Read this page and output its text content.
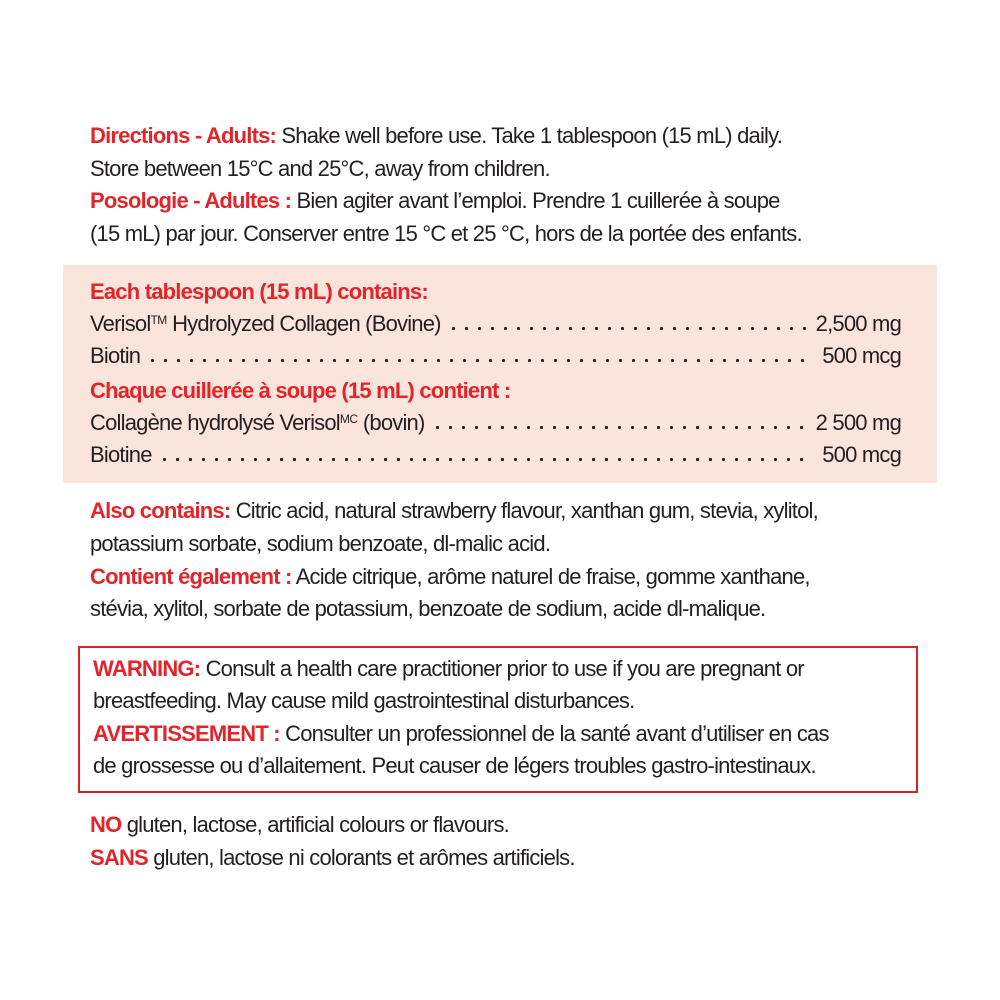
Directions - Adults: Shake well before use. Take 1 tablespoon (15 mL) daily.
Store between 15°C and 25°C, away from children.
Posologie - Adultes : Bien agiter avant l’emploi. Prendre 1 cuillerée à soupe
(15 mL) par jour. Conserver entre 15 °C et 25 °C, hors de la portée des enfants.
Each tablespoon (15 mL) contains:
Verisol™ Hydrolyzed Collagen (Bovine)	2,500 mg
Biotin	500 mcg
Chaque cuillerée à soupe (15 mL) contient :
Collagène hydrolysé Verisol$^{MC}$ (bovin)	2 500 mg
Biotine	500 mcg
Also contains: Citric acid, natural strawberry flavour, xanthan gum, stevia, xylitol,
potassium sorbate, sodium benzoate, dl-malic acid.
Contient également : Acide citrique, arôme naturel de fraise, gomme xanthane,
stévia, xylitol, sorbate de potassium, benzoate de sodium, acide dl-malique.
WARNING: Consult a health care practitioner prior to use if you are pregnant or
breastfeeding. May cause mild gastrointestinal disturbances.
AVERTISSEMENT : Consulter un professionnel de la santé avant d’utiliser en cas
de grossesse ou d’allaitement. Peut causer de légers troubles gastro-intestinaux.
NO gluten, lactose, artificial colours or flavours.
SANS gluten, lactose ni colorants et arômes artificiels.
